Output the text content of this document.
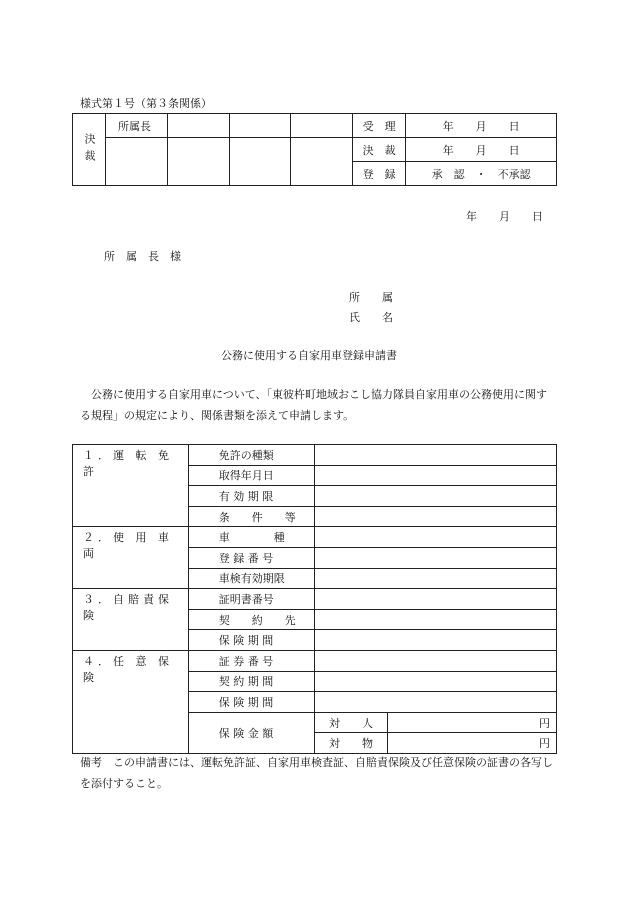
様式第１号（第３条関係）
決裁	所属長				受　理	年　　月　　日
					決　裁	年　　月　　日
					登　録	承　認　・　不承認
年　　月　　日
所　属　長　様
所　　属
氏　　名
公務に使用する自家用車登録申請書
　公務に使用する自家用車について、「東彼杵町地域おこし協力隊員自家用車の公務使用に関する規程」の規定により、関係書類を添えて申請します。
１．運 転 免 許	免許の種類		
	取得年月日		
	有 効 期 限		
	条　　件　　等		
２．使 用 車 両	車　　　　種		
	登 録 番 号		
	車検有効期限		
３．自賠責保険	証明書番号		
	契　　約　　先		
	保 険 期 間		
４．任 意 保 険	証 券 番 号		
	契 約 期 間		
	保 険 期 間		
	保 険 金 額	対　　人	円
		対　　物	円
備考　この申請書には、運転免許証、自家用車検査証、自賠責保険及び任意保険の証書の各写しを添付すること。
